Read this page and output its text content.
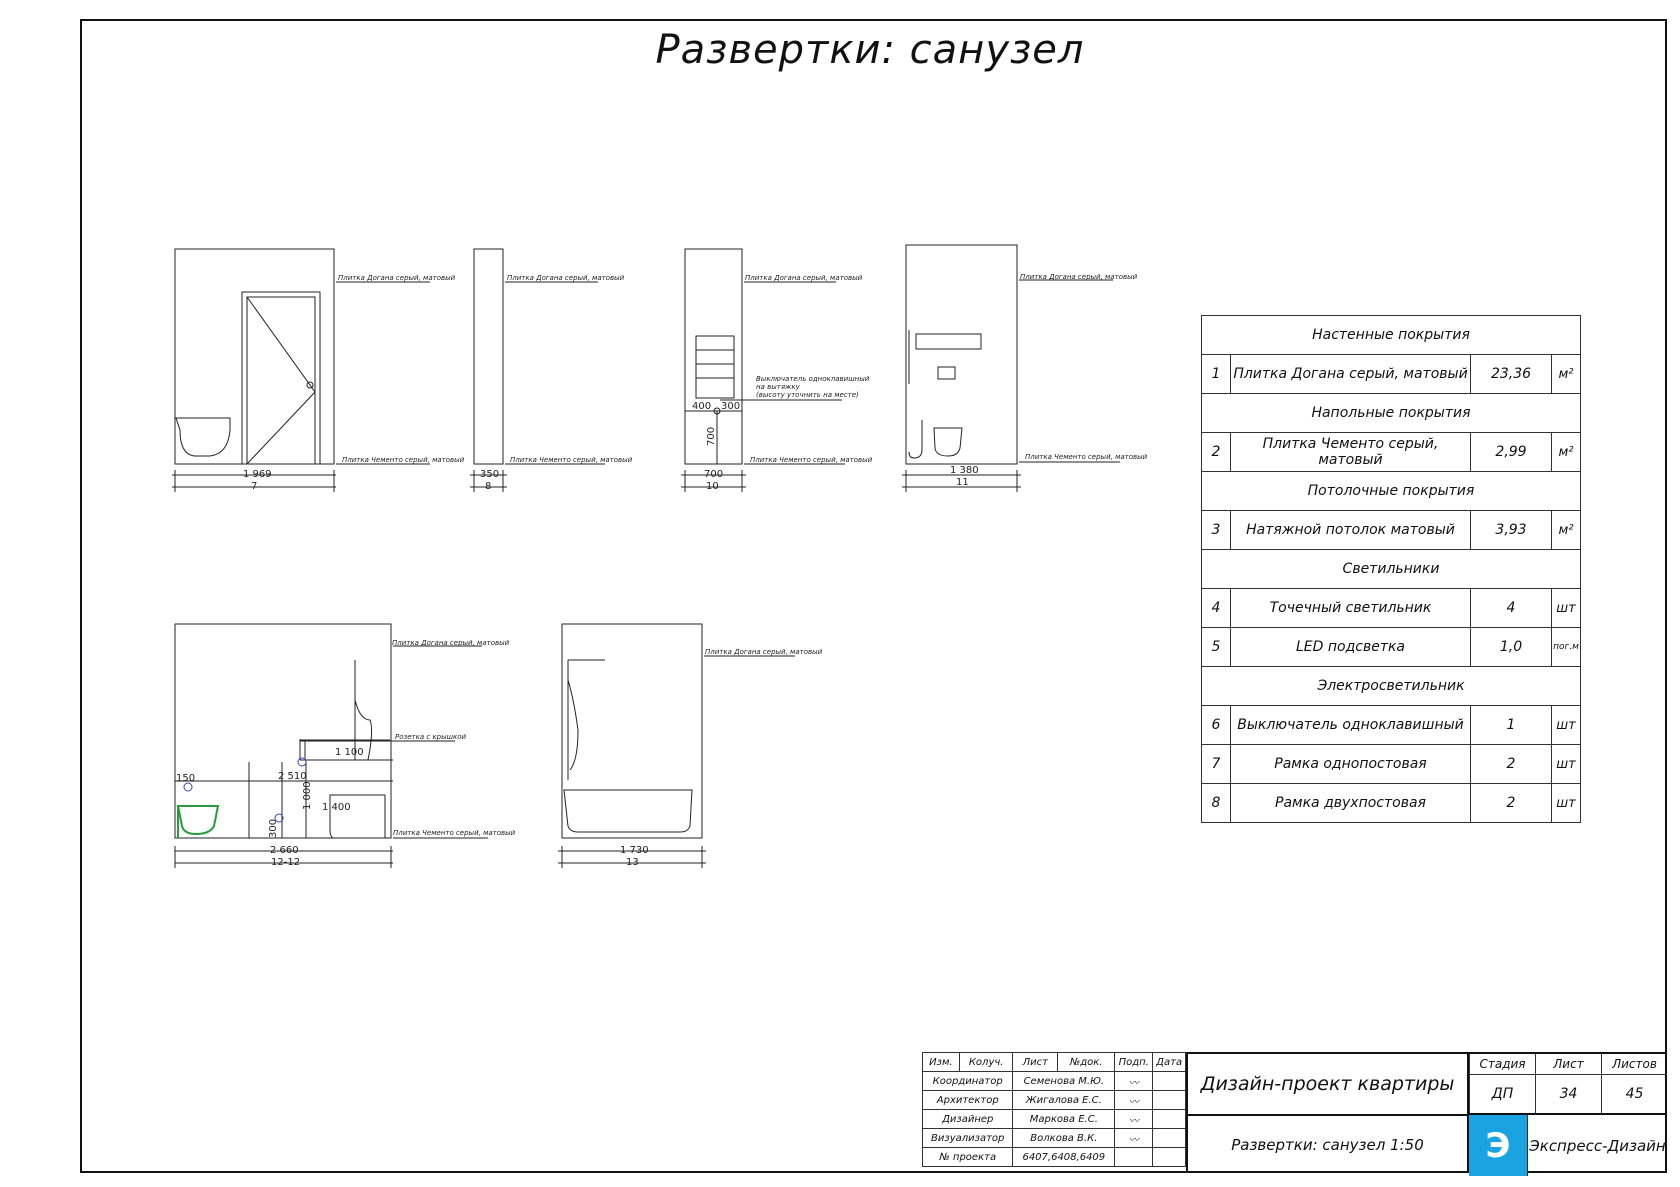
Развертки: санузел
Плитка Догана серый, матовый
Плитка Чементо серый, матовый
1 969
7
Плитка Догана серый, матовый
Плитка Чементо серый, матовый
350
8
Плитка Догана серый, матовый
Выключатель одноклавишный
на вытяжку
(высоту уточнить на месте)
400 300
700
Плитка Чементо серый, матовый
700
10
Плитка Догана серый, матовый
Плитка Чементо серый, матовый
1 380
11
Плитка Догана серый, матовый
Розетка с крышкой
Плитка Чементо серый, матовый
1 100
150	2 510
1 000 1 400
300
2 660
12-12
Плитка Догана серый, матовый
1 730
13
Настенные покрытия			
1	Плитка Догана серый, матовый	23,36	м²
Напольные покрытия			
2	Плитка Чементо серый, матовый	2,99	м²
Потолочные покрытия			
3	Натяжной потолок матовый	3,93	м²
Светильники			
4	Точечный светильник	4	шт
5	LED подсветка	1,0	пог.м
Электросветильник			
6	Выключатель одноклавишный	1	шт
7	Рамка однопостовая	2	шт
8	Рамка двухпостовая	2	шт
Изм.	Колуч.	Лист	№док.	Подп.	Дата
Координатор		Семенова М.Ю.		〰	
Архитектор		Жигалова Е.С.		〰	
Дизайнер		Маркова Е.С.		〰	
Визуализатор		Волкова В.К.		〰	
№ проекта		6407,6408,6409			
Дизайн-проект квартиры
Развертки: санузел 1:50
Стадия	Лист	Листов
ДП	34	45
Э	Экспресс-Дизайн
